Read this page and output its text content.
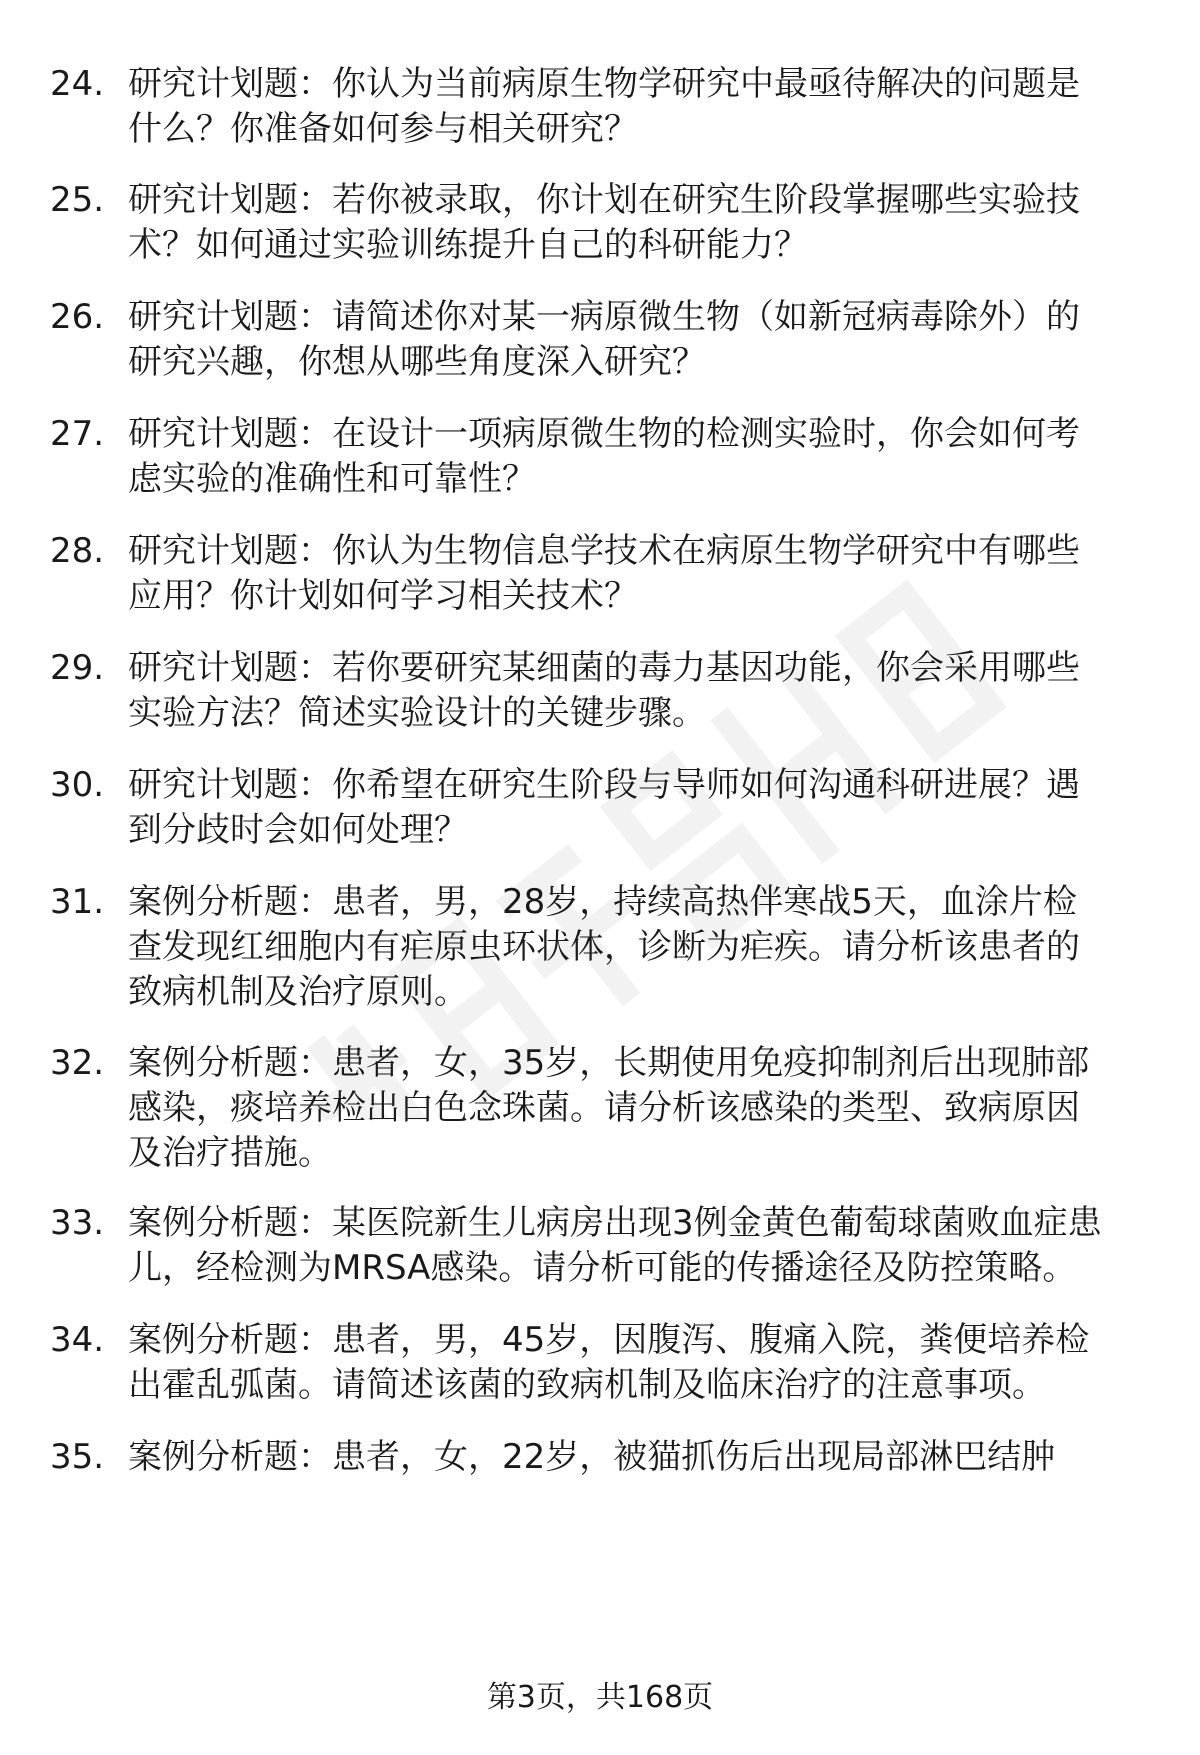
24. 研究计划题：你认为当前病原生物学研究中最亟待解决的问题是
什么？你准备如何参与相关研究？
25. 研究计划题：若你被录取，你计划在研究生阶段掌握哪些实验技
术？如何通过实验训练提升自己的科研能力？
26. 研究计划题：请简述你对某一病原微生物（如新冠病毒除外）的
研究兴趣，你想从哪些角度深入研究？
27. 研究计划题：在设计一项病原微生物的检测实验时，你会如何考
虑实验的准确性和可靠性？
28. 研究计划题：你认为生物信息学技术在病原生物学研究中有哪些
应用？你计划如何学习相关技术？
29. 研究计划题：若你要研究某细菌的毒力基因功能，你会采用哪些
实验方法？简述实验设计的关键步骤。
30. 研究计划题：你希望在研究生阶段与导师如何沟通科研进展？遇
到分歧时会如何处理？
31. 案例分析题：患者，男，28岁，持续高热伴寒战5天，血涂片检
查发现红细胞内有疟原虫环状体，诊断为疟疾。请分析该患者的
致病机制及治疗原则。
32. 案例分析题：患者，女，35岁，长期使用免疫抑制剂后出现肺部
感染，痰培养检出白色念珠菌。请分析该感染的类型、致病原因
及治疗措施。
33. 案例分析题：某医院新生儿病房出现3例金黄色葡萄球菌败血症患
儿，经检测为MRSA感染。请分析可能的传播途径及防控策略。
34. 案例分析题：患者，男，45岁，因腹泻、腹痛入院，粪便培养检
出霍乱弧菌。请简述该菌的致病机制及临床治疗的注意事项。
35. 案例分析题：患者，女，22岁，被猫抓伤后出现局部淋巴结肿
第3页，共168页
